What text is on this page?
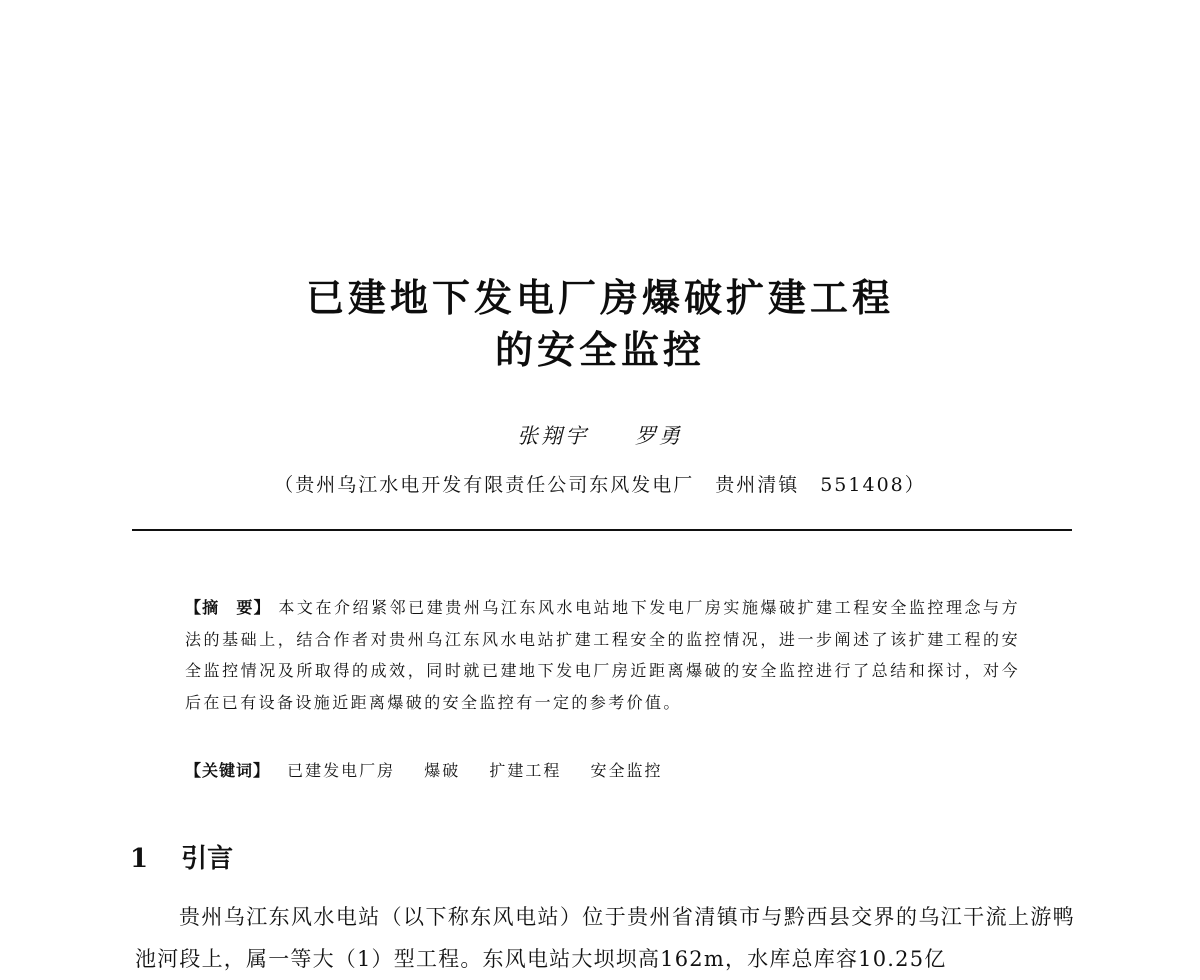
已建地下发电厂房爆破扩建工程
的安全监控
张翔宇 罗勇
（贵州乌江水电开发有限责任公司东风发电厂　贵州清镇　551408）
【摘　要】 本文在介绍紧邻已建贵州乌江东风水电站地下发电厂房实施爆破扩建工程安全监控理念与方法的基础上，结合作者对贵州乌江东风水电站扩建工程安全的监控情况，进一步阐述了该扩建工程的安全监控情况及所取得的成效，同时就已建地下发电厂房近距离爆破的安全监控进行了总结和探讨，对今后在已有设备设施近距离爆破的安全监控有一定的参考价值。
【关键词】 已建发电厂房 爆破 扩建工程 安全监控
1 引言
贵州乌江东风水电站（以下称东风电站）位于贵州省清镇市与黔西县交界的乌江干流上游鸭池河段上，属一等大（1）型工程。东风电站大坝坝高162m，水库总库容10.25亿
